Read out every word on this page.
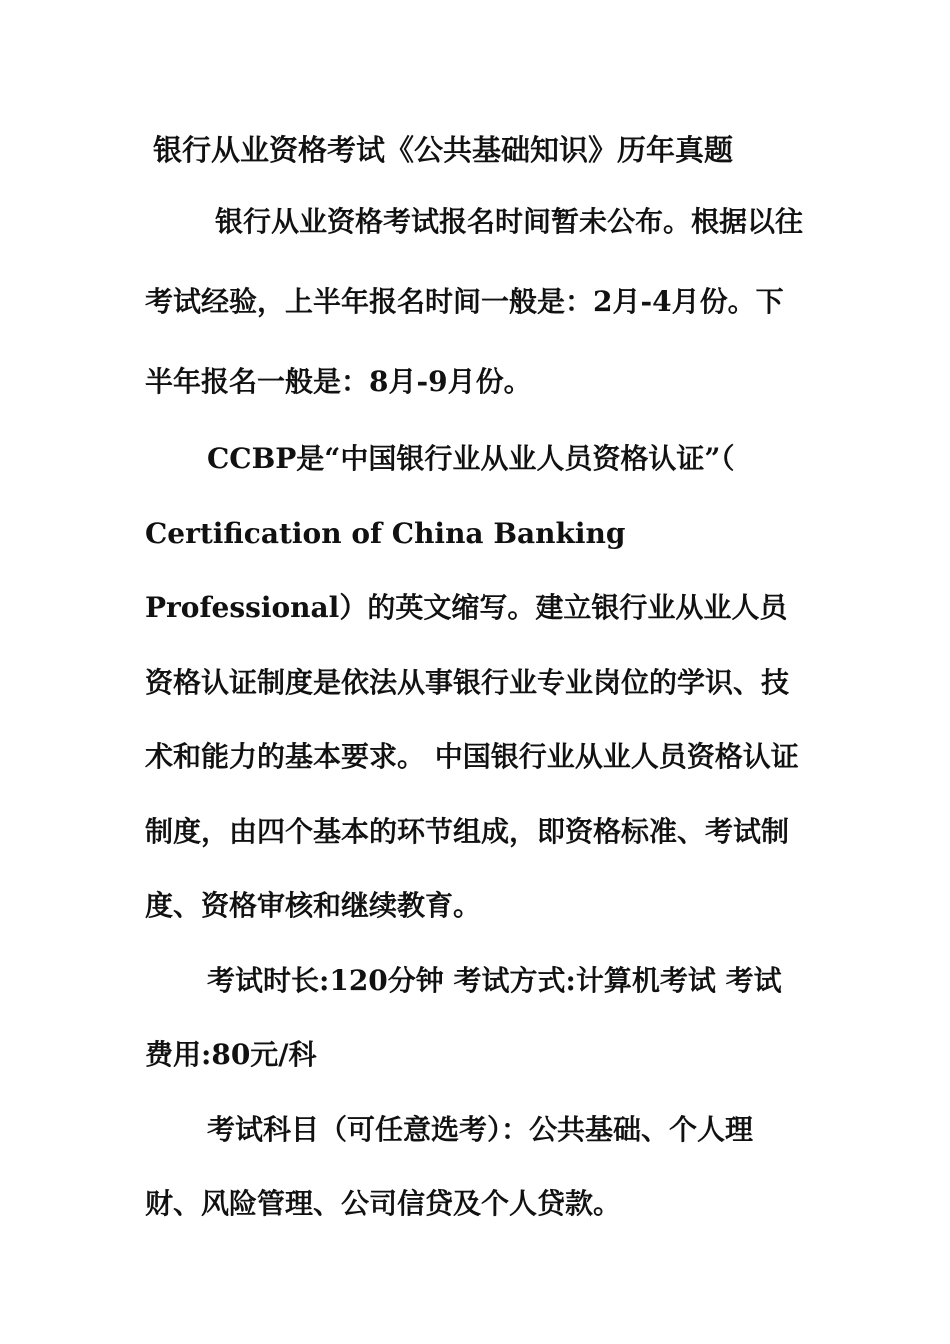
银行从业资格考试《公共基础知识》历年真题

银行从业资格考试报名时间暂未公布。根据以往考试经验，上半年报名时间一般是：2月-4月份。下半年报名一般是：8月-9月份。

CCBP是“中国银行业从业人员资格认证”（ Certification of China Banking Professional）的英文缩写。建立银行业从业人员资格认证制度是依法从事银行业专业岗位的学识、技术和能力的基本要求。 中国银行业从业人员资格认证制度，由四个基本的环节组成，即资格标准、考试制度、资格审核和继续教育。

考试时长:120分钟 考试方式:计算机考试 考试费用:80元/科

考试科目（可任意选考）：公共基础、个人理财、风险管理、公司信贷及个人贷款。
